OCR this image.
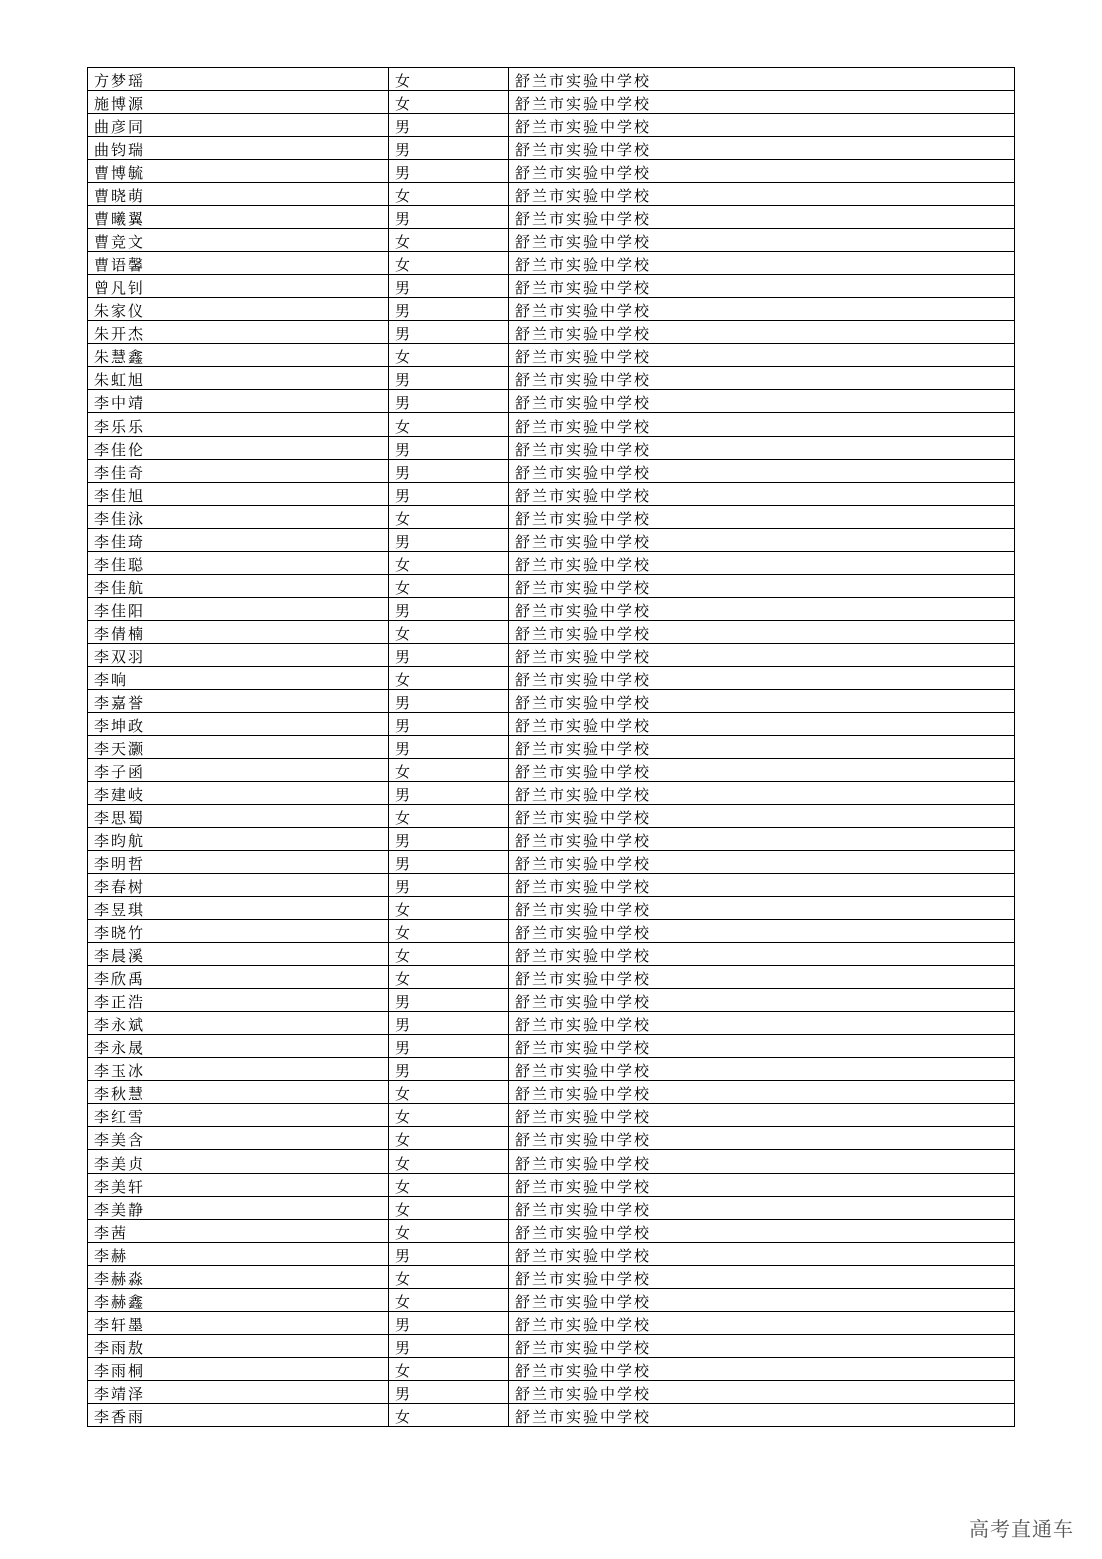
方梦瑶	女	舒兰市实验中学校
施博源	女	舒兰市实验中学校
曲彦同	男	舒兰市实验中学校
曲钧瑞	男	舒兰市实验中学校
曹博毓	男	舒兰市实验中学校
曹晓萌	女	舒兰市实验中学校
曹曦翼	男	舒兰市实验中学校
曹竞文	女	舒兰市实验中学校
曹语馨	女	舒兰市实验中学校
曾凡钊	男	舒兰市实验中学校
朱家仪	男	舒兰市实验中学校
朱开杰	男	舒兰市实验中学校
朱慧鑫	女	舒兰市实验中学校
朱虹旭	男	舒兰市实验中学校
李中靖	男	舒兰市实验中学校
李乐乐	女	舒兰市实验中学校
李佳伦	男	舒兰市实验中学校
李佳奇	男	舒兰市实验中学校
李佳旭	男	舒兰市实验中学校
李佳泳	女	舒兰市实验中学校
李佳琦	男	舒兰市实验中学校
李佳聪	女	舒兰市实验中学校
李佳航	女	舒兰市实验中学校
李佳阳	男	舒兰市实验中学校
李倩楠	女	舒兰市实验中学校
李双羽	男	舒兰市实验中学校
李响	女	舒兰市实验中学校
李嘉誉	男	舒兰市实验中学校
李坤政	男	舒兰市实验中学校
李天灏	男	舒兰市实验中学校
李子函	女	舒兰市实验中学校
李建岐	男	舒兰市实验中学校
李思蜀	女	舒兰市实验中学校
李昀航	男	舒兰市实验中学校
李明哲	男	舒兰市实验中学校
李春树	男	舒兰市实验中学校
李昱琪	女	舒兰市实验中学校
李晓竹	女	舒兰市实验中学校
李晨溪	女	舒兰市实验中学校
李欣禹	女	舒兰市实验中学校
李正浩	男	舒兰市实验中学校
李永斌	男	舒兰市实验中学校
李永晟	男	舒兰市实验中学校
李玉冰	男	舒兰市实验中学校
李秋慧	女	舒兰市实验中学校
李红雪	女	舒兰市实验中学校
李美含	女	舒兰市实验中学校
李美贞	女	舒兰市实验中学校
李美轩	女	舒兰市实验中学校
李美静	女	舒兰市实验中学校
李茜	女	舒兰市实验中学校
李赫	男	舒兰市实验中学校
李赫淼	女	舒兰市实验中学校
李赫鑫	女	舒兰市实验中学校
李轩墨	男	舒兰市实验中学校
李雨敖	男	舒兰市实验中学校
李雨桐	女	舒兰市实验中学校
李靖泽	男	舒兰市实验中学校
李香雨	女	舒兰市实验中学校
高考直通车
